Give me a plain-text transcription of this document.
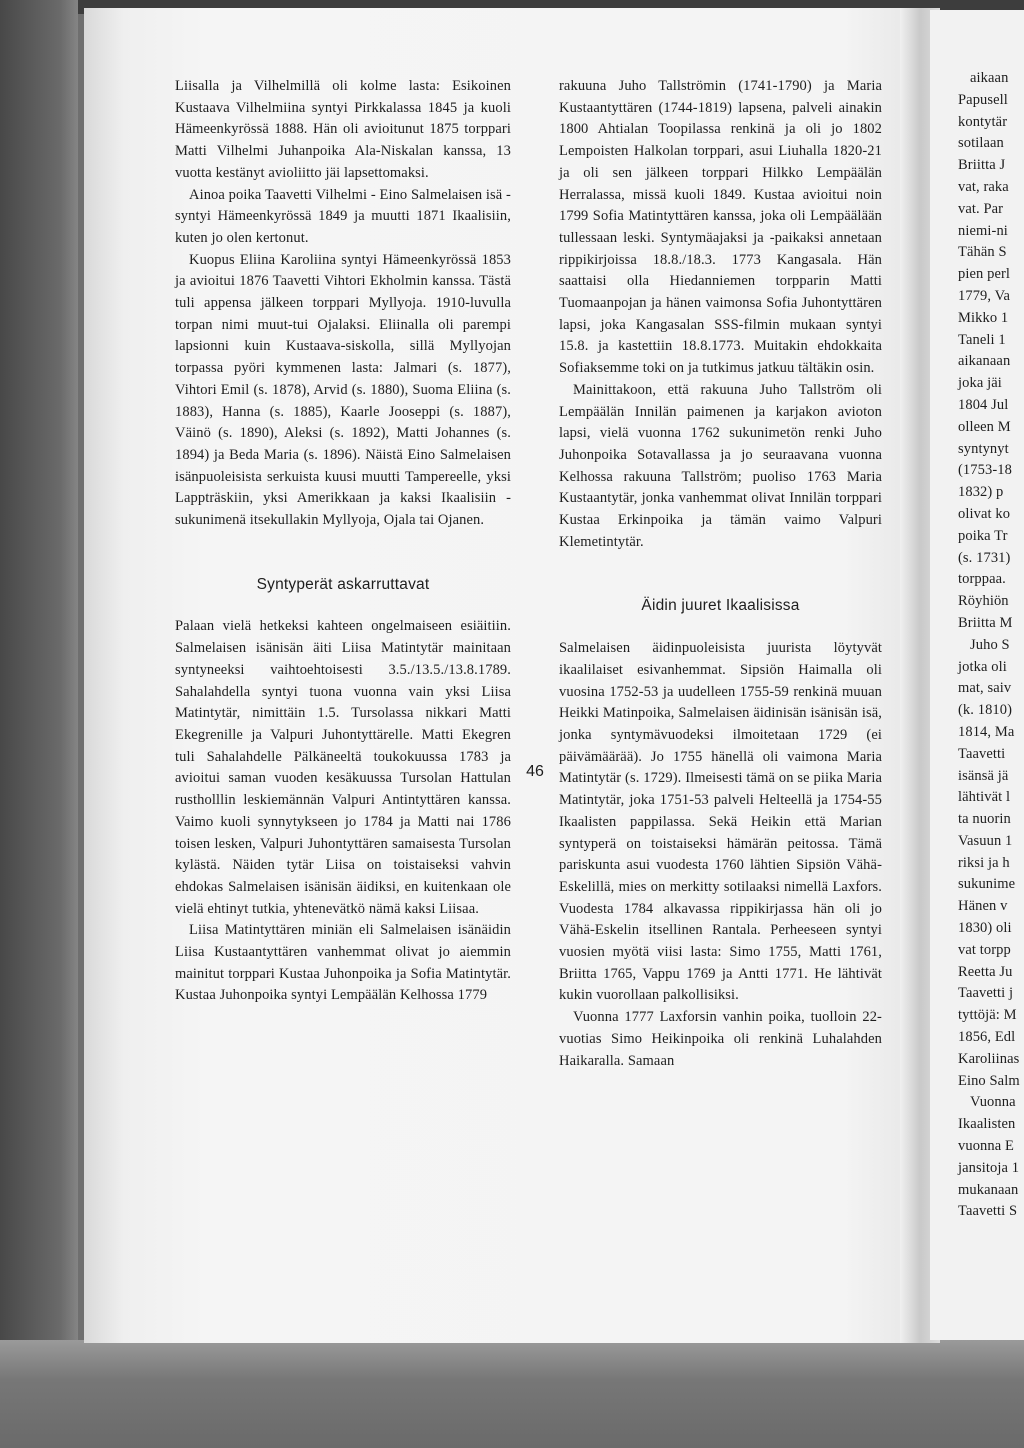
Liisalla ja Vilhelmillä oli kolme lasta: Esikoinen Kustaava Vilhelmiina syntyi Pirkkalassa 1845 ja kuoli Hämeenkyrössä 1888. Hän oli avioitunut 1875 torppari Matti Vilhelmi Juhanpoika Ala-Niskalan kanssa, 13 vuotta kestänyt avioliitto jäi lapsettomaksi.

Ainoa poika Taavetti Vilhelmi - Eino Salmelaisen isä -syntyi Hämeenkyrössä 1849 ja muutti 1871 Ikaalisiin, kuten jo olen kertonut.

Kuopus Eliina Karoliina syntyi Hämeenkyrössä 1853 ja avioitui 1876 Taavetti Vihtori Ekholmin kanssa. Tästä tuli appensa jälkeen torppari Myllyoja. 1910-luvulla torpan nimi muut-tui Ojalaksi. Eliinalla oli parempi lapsionni kuin Kustaava-siskolla, sillä Myllyojan torpassa pyöri kymmenen lasta: Jalmari (s. 1877), Vihtori Emil (s. 1878), Arvid (s. 1880), Suoma Eliina (s. 1883), Hanna (s. 1885), Kaarle Jooseppi (s. 1887), Väinö (s. 1890), Aleksi (s. 1892), Matti Johannes (s. 1894) ja Beda Maria (s. 1896). Näistä Eino Salmelaisen isänpuoleisista serkuista kuusi muutti Tampereelle, yksi Lappträskiin, yksi Amerikkaan ja kaksi Ikaalisiin - sukunimenä itsekullakin Myllyoja, Ojala tai Ojanen.

Syntyperät askarruttavat

Palaan vielä hetkeksi kahteen ongelmaiseen esiäitiin. Salmelaisen isänisän äiti Liisa Matintytär mainitaan syntyneeksi vaihtoehtoisesti 3.5./13.5./13.8.1789. Sahalahdella syntyi tuona vuonna vain yksi Liisa Matintytär, nimittäin 1.5. Tursolassa nikkari Matti Ekegrenille ja Valpuri Juhontyttärelle. Matti Ekegren tuli Sahalahdelle Pälkäneeltä toukokuussa 1783 ja avioitui saman vuoden kesäkuussa Tursolan Hattulan rustholllin leskiemännän Valpuri Antintyttären kanssa. Vaimo kuoli synnytykseen jo 1784 ja Matti nai 1786 toisen lesken, Valpuri Juhontyttären samaisesta Tursolan kylästä. Näiden tytär Liisa on toistaiseksi vahvin ehdokas Salmelaisen isänisän äidiksi, en kuitenkaan ole vielä ehtinyt tutkia, yhtenevätkö nämä kaksi Liisaa.

Liisa Matintyttären miniän eli Salmelaisen isänäidin Liisa Kustaantyttären vanhemmat olivat jo aiemmin mainitut torppari Kustaa Juhonpoika ja Sofia Matintytär. Kustaa Juhonpoika syntyi Lempäälän Kelhossa 1779

rakuuna Juho Tallströmin (1741-1790) ja Maria Kustaantyttären (1744-1819) lapsena, palveli ainakin 1800 Ahtialan Toopilassa renkinä ja oli jo 1802 Lempoisten Halkolan torppari, asui Liuhalla 1820-21 ja oli sen jälkeen torppari Hilkko Lempäälän Herralassa, missä kuoli 1849. Kustaa avioitui noin 1799 Sofia Matintyttären kanssa, joka oli Lempäälään tullessaan leski. Syntymäajaksi ja -paikaksi annetaan rippikirjoissa 18.8./18.3. 1773 Kangasala. Hän saattaisi olla Hiedanniemen torpparin Matti Tuomaanpojan ja hänen vaimonsa Sofia Juhontyttären lapsi, joka Kangasalan SSS-filmin mukaan syntyi 15.8. ja kastettiin 18.8.1773. Muitakin ehdokkaita Sofiaksemme toki on ja tutkimus jatkuu tältäkin osin.

Mainittakoon, että rakuuna Juho Tallström oli Lempäälän Innilän paimenen ja karjakon avioton lapsi, vielä vuonna 1762 sukunimetön renki Juho Juhonpoika Sotavallassa ja jo seuraavana vuonna Kelhossa rakuuna Tallström; puoliso 1763 Maria Kustaantytär, jonka vanhemmat olivat Innilän torppari Kustaa Erkinpoika ja tämän vaimo Valpuri Klemetintytär.

Äidin juuret Ikaalisissa

Salmelaisen äidinpuoleisista juurista löytyvät ikaalilaiset esivanhemmat. Sipsiön Haimalla oli vuosina 1752-53 ja uudelleen 1755-59 renkinä muuan Heikki Matinpoika, Salmelaisen äidinisän isänisän isä, jonka syntymävuodeksi ilmoitetaan 1729 (ei päivämäärää). Jo 1755 hänellä oli vaimona Maria Matintytär (s. 1729). Ilmeisesti tämä on se piika Maria Matintytär, joka 1751-53 palveli Helteellä ja 1754-55 Ikaalisten pappilassa. Sekä Heikin että Marian syntyperä on toistaiseksi hämärän peitossa. Tämä pariskunta asui vuodesta 1760 lähtien Sipsiön Vähä-Eskelillä, mies on merkitty sotilaaksi nimellä Laxfors. Vuodesta 1784 alkavassa rippikirjassa hän oli jo Vähä-Eskelin itsellinen Rantala. Perheeseen syntyi vuosien myötä viisi lasta: Simo 1755, Matti 1761, Briitta 1765, Vappu 1769 ja Antti 1771. He lähtivät kukin vuorollaan palkollisiksi.

Vuonna 1777 Laxforsin vanhin poika, tuolloin 22-vuotias Simo Heikinpoika oli renkinä Luhalahden Haikaralla. Samaan

46
aikaan
Papusell
kontytär
sotilaan
Briitta J
vat, raka
vat. Par
niemi-ni
Tähän S
pien perl
1779, Va
Mikko 1
Taneli 1
aikanaan
joka jäi
1804 Jul
olleen M
syntynyt
(1753-18
1832) p
olivat ko
poika Tr
(s. 1731)
torppaa.
Röyhiön
Briitta M
Juho S
jotka oli
mat, saiv
(k. 1810)
1814, Ma
Taavetti
isänsä jä
lähtivät l
ta nuorin
Vasuun 1
riksi ja h
sukunime
Hänen v
1830) oli
vat torpp
Reetta Ju
Taavetti j
tyttöjä: M
1856, Edl
Karoliinas
Eino Salm
Vuonna
Ikaalisten
vuonna E
jansitoja 1
mukanaan
Taavetti S
